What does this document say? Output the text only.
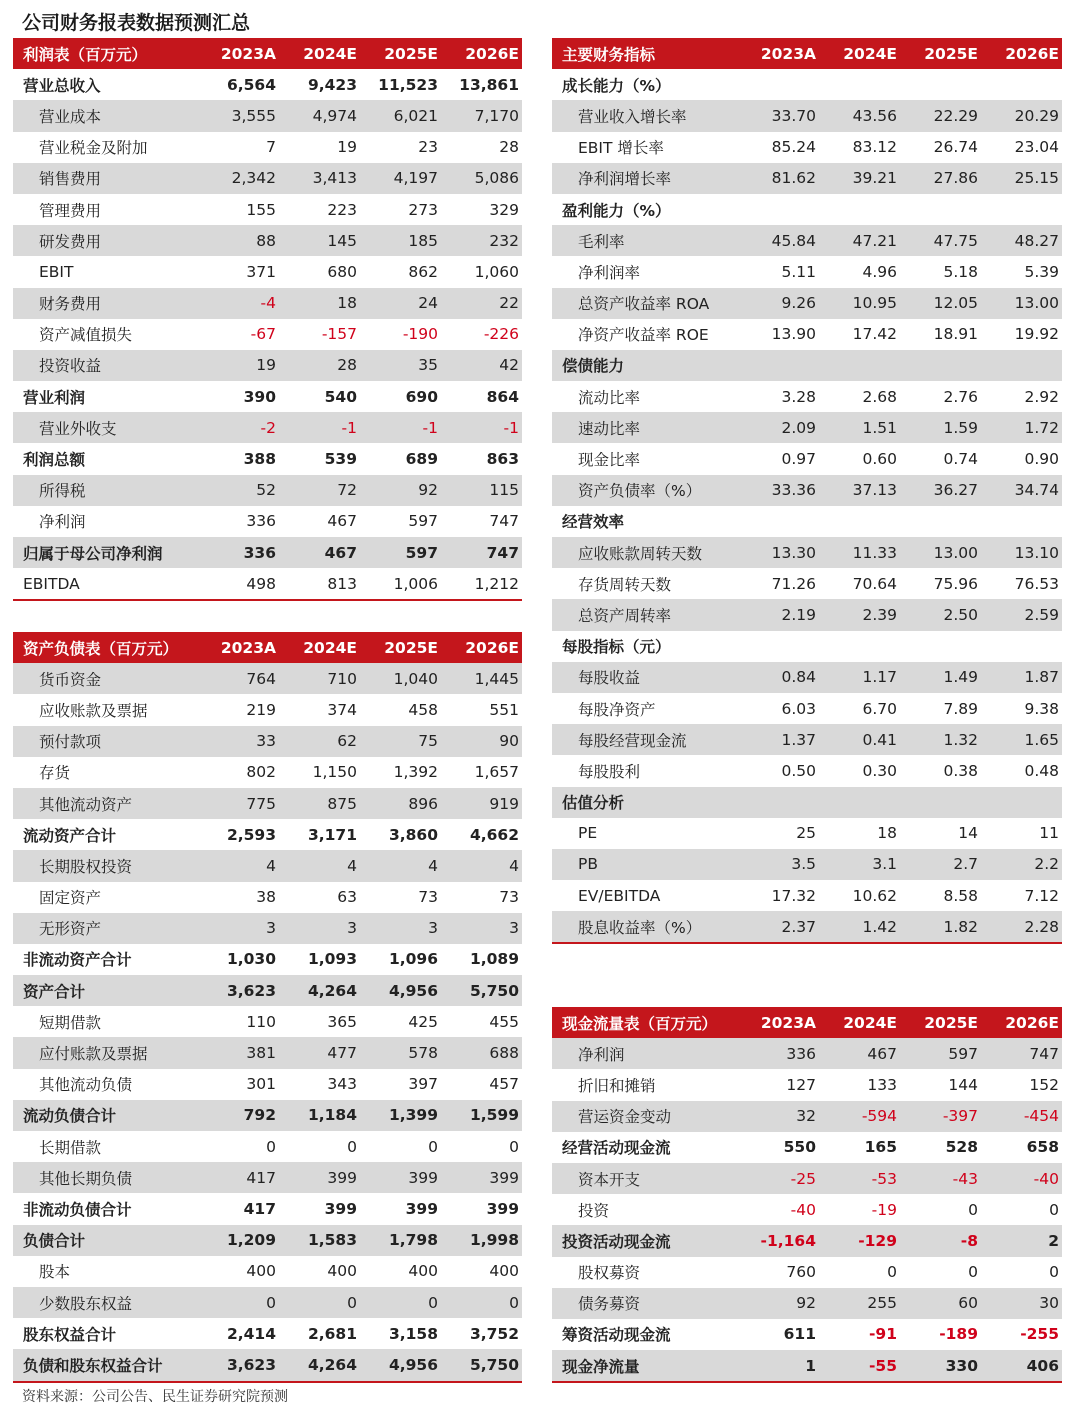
公司财务报表数据预测汇总
利润表（百万元）	2023A	2024E	2025E	2026E
营业总收入	6,564	9,423	11,523	13,861
营业成本	3,555	4,974	6,021	7,170
营业税金及附加	7	19	23	28
销售费用	2,342	3,413	4,197	5,086
管理费用	155	223	273	329
研发费用	88	145	185	232
EBIT	371	680	862	1,060
财务费用	-4	18	24	22
资产减值损失	-67	-157	-190	-226
投资收益	19	28	35	42
营业利润	390	540	690	864
营业外收支	-2	-1	-1	-1
利润总额	388	539	689	863
所得税	52	72	92	115
净利润	336	467	597	747
归属于母公司净利润	336	467	597	747
EBITDA	498	813	1,006	1,212
资产负债表（百万元）	2023A	2024E	2025E	2026E
货币资金	764	710	1,040	1,445
应收账款及票据	219	374	458	551
预付款项	33	62	75	90
存货	802	1,150	1,392	1,657
其他流动资产	775	875	896	919
流动资产合计	2,593	3,171	3,860	4,662
长期股权投资	4	4	4	4
固定资产	38	63	73	73
无形资产	3	3	3	3
非流动资产合计	1,030	1,093	1,096	1,089
资产合计	3,623	4,264	4,956	5,750
短期借款	110	365	425	455
应付账款及票据	381	477	578	688
其他流动负债	301	343	397	457
流动负债合计	792	1,184	1,399	1,599
长期借款	0	0	0	0
其他长期负债	417	399	399	399
非流动负债合计	417	399	399	399
负债合计	1,209	1,583	1,798	1,998
股本	400	400	400	400
少数股东权益	0	0	0	0
股东权益合计	2,414	2,681	3,158	3,752
负债和股东权益合计	3,623	4,264	4,956	5,750
主要财务指标	2023A	2024E	2025E	2026E
成长能力（%）				
营业收入增长率	33.70	43.56	22.29	20.29
EBIT 增长率	85.24	83.12	26.74	23.04
净利润增长率	81.62	39.21	27.86	25.15
盈利能力（%）				
毛利率	45.84	47.21	47.75	48.27
净利润率	5.11	4.96	5.18	5.39
总资产收益率 ROA	9.26	10.95	12.05	13.00
净资产收益率 ROE	13.90	17.42	18.91	19.92
偿债能力				
流动比率	3.28	2.68	2.76	2.92
速动比率	2.09	1.51	1.59	1.72
现金比率	0.97	0.60	0.74	0.90
资产负债率（%）	33.36	37.13	36.27	34.74
经营效率				
应收账款周转天数	13.30	11.33	13.00	13.10
存货周转天数	71.26	70.64	75.96	76.53
总资产周转率	2.19	2.39	2.50	2.59
每股指标（元）				
每股收益	0.84	1.17	1.49	1.87
每股净资产	6.03	6.70	7.89	9.38
每股经营现金流	1.37	0.41	1.32	1.65
每股股利	0.50	0.30	0.38	0.48
估值分析				
PE	25	18	14	11
PB	3.5	3.1	2.7	2.2
EV/EBITDA	17.32	10.62	8.58	7.12
股息收益率（%）	2.37	1.42	1.82	2.28
现金流量表（百万元）	2023A	2024E	2025E	2026E
净利润	336	467	597	747
折旧和摊销	127	133	144	152
营运资金变动	32	-594	-397	-454
经营活动现金流	550	165	528	658
资本开支	-25	-53	-43	-40
投资	-40	-19	0	0
投资活动现金流	-1,164	-129	-8	2
股权募资	760	0	0	0
债务募资	92	255	60	30
筹资活动现金流	611	-91	-189	-255
现金净流量	1	-55	330	406
资料来源：公司公告、民生证券研究院预测
